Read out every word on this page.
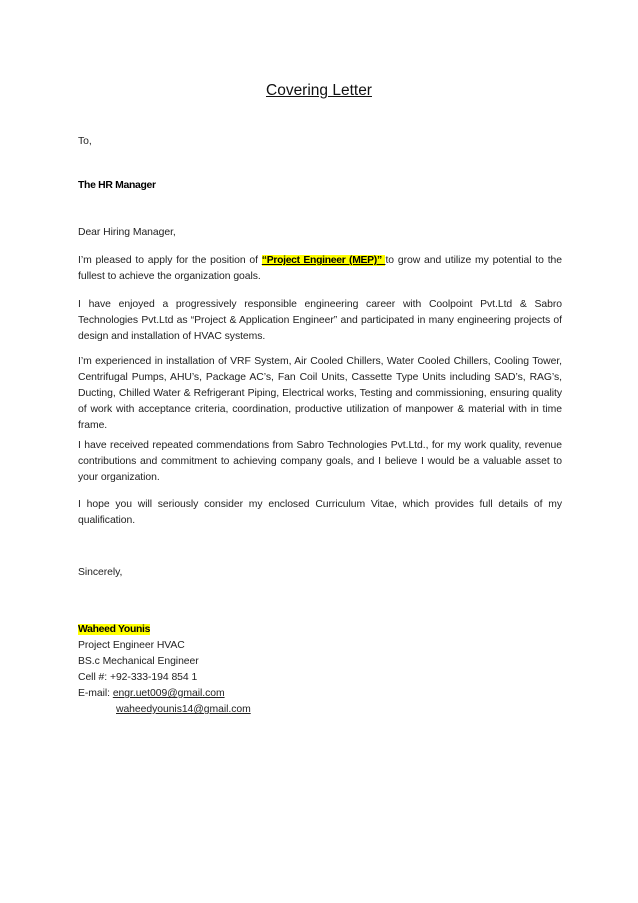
Covering Letter
To,
The HR Manager
Dear Hiring Manager,
I’m pleased to apply for the position of “Project Engineer (MEP)” to grow and utilize my potential to the fullest to achieve the organization goals.
I have enjoyed a progressively responsible engineering career with Coolpoint Pvt.Ltd & Sabro Technologies Pvt.Ltd as “Project & Application Engineer” and participated in many engineering projects of design and installation of HVAC systems.
I’m experienced in installation of VRF System, Air Cooled Chillers, Water Cooled Chillers, Cooling Tower, Centrifugal Pumps, AHU’s, Package AC’s, Fan Coil Units, Cassette Type Units including SAD’s, RAG’s, Ducting, Chilled Water & Refrigerant Piping, Electrical works, Testing and commissioning, ensuring quality of work with acceptance criteria, coordination, productive utilization of manpower & material with in time frame.
I have received repeated commendations from Sabro Technologies Pvt.Ltd., for my work quality, revenue contributions and commitment to achieving company goals, and I believe I would be a valuable asset to your organization.
I hope you will seriously consider my enclosed Curriculum Vitae, which provides full details of my qualification.
Sincerely,
Waheed Younis
Project Engineer HVAC
BS.c Mechanical Engineer
Cell #: +92-333-194 854 1
E-mail: engr.uet009@gmail.com
waheedyounis14@gmail.com
